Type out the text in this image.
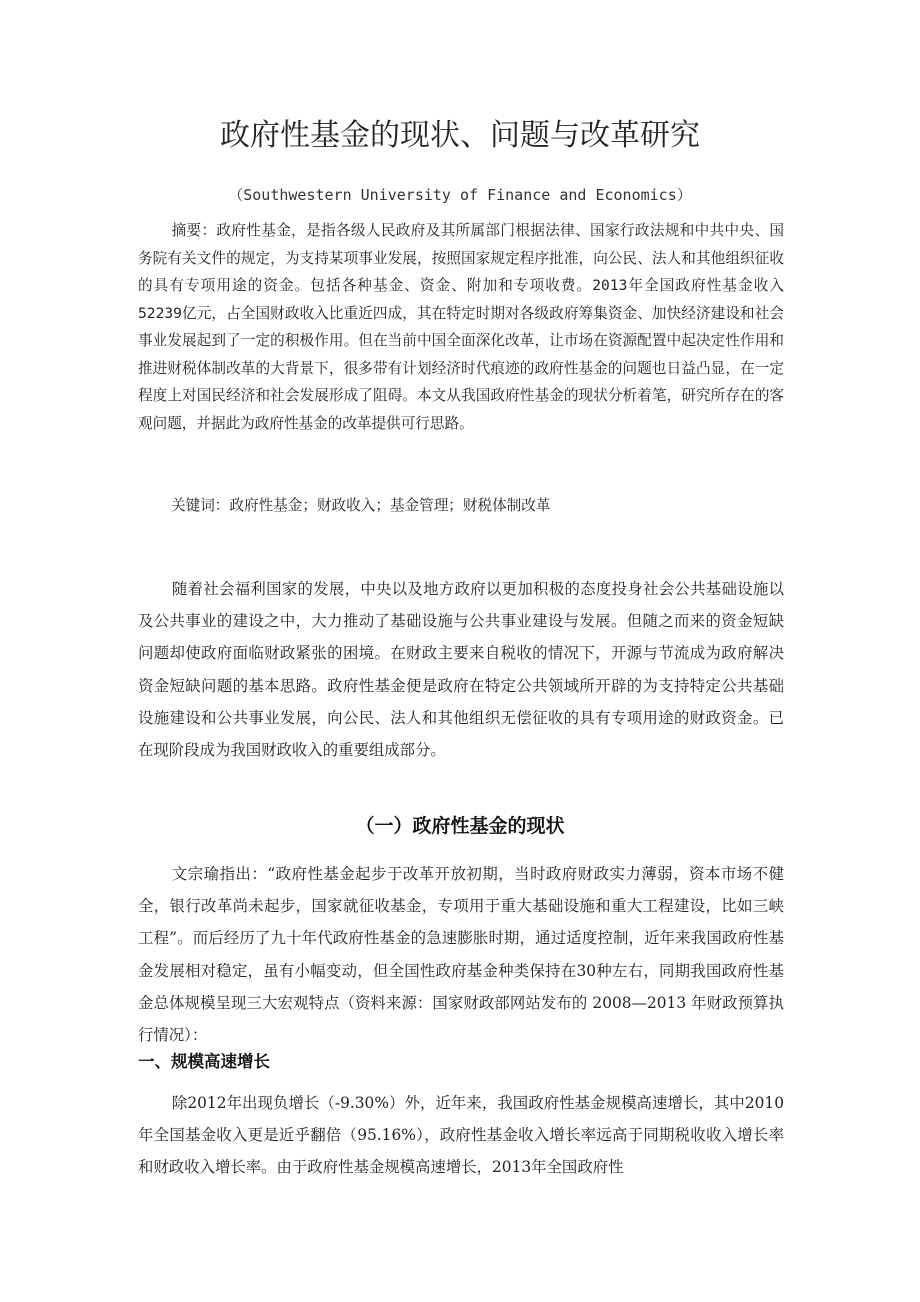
政府性基金的现状、问题与改革研究
（Southwestern University of Finance and Economics）

摘要：政府性基金，是指各级人民政府及其所属部门根据法律、国家行政法规和中共中央、国务院有关文件的规定，为支持某项事业发展，按照国家规定程序批准，向公民、法人和其他组织征收的具有专项用途的资金。包括各种基金、资金、附加和专项收费。2013年全国政府性基金收入52239亿元，占全国财政收入比重近四成，其在特定时期对各级政府筹集资金、加快经济建设和社会事业发展起到了一定的积极作用。但在当前中国全面深化改革，让市场在资源配置中起决定性作用和推进财税体制改革的大背景下，很多带有计划经济时代痕迹的政府性基金的问题也日益凸显，在一定程度上对国民经济和社会发展形成了阻碍。本文从我国政府性基金的现状分析着笔，研究所存在的客观问题，并据此为政府性基金的改革提供可行思路。

关键词：政府性基金；财政收入；基金管理；财税体制改革

随着社会福利国家的发展，中央以及地方政府以更加积极的态度投身社会公共基础设施以及公共事业的建设之中，大力推动了基础设施与公共事业建设与发展。但随之而来的资金短缺问题却使政府面临财政紧张的困境。在财政主要来自税收的情况下，开源与节流成为政府解决资金短缺问题的基本思路。政府性基金便是政府在特定公共领域所开辟的为支持特定公共基础设施建设和公共事业发展，向公民、法人和其他组织无偿征收的具有专项用途的财政资金。已在现阶段成为我国财政收入的重要组成部分。

（一）政府性基金的现状

文宗瑜指出：“政府性基金起步于改革开放初期，当时政府财政实力薄弱，资本市场不健全，银行改革尚未起步，国家就征收基金，专项用于重大基础设施和重大工程建设，比如三峡工程”。而后经历了九十年代政府性基金的急速膨胀时期，通过适度控制，近年来我国政府性基金发展相对稳定，虽有小幅变动，但全国性政府基金种类保持在30种左右，同期我国政府性基金总体规模呈现三大宏观特点（资料来源：国家财政部网站发布的 2008—2013 年财政预算执行情况）：

一、规模高速增长

除2012年出现负增长（-9.30%）外，近年来，我国政府性基金规模高速增长，其中2010年全国基金收入更是近乎翻倍（95.16%），政府性基金收入增长率远高于同期税收收入增长率和财政收入增长率。由于政府性基金规模高速增长，2013年全国政府性
